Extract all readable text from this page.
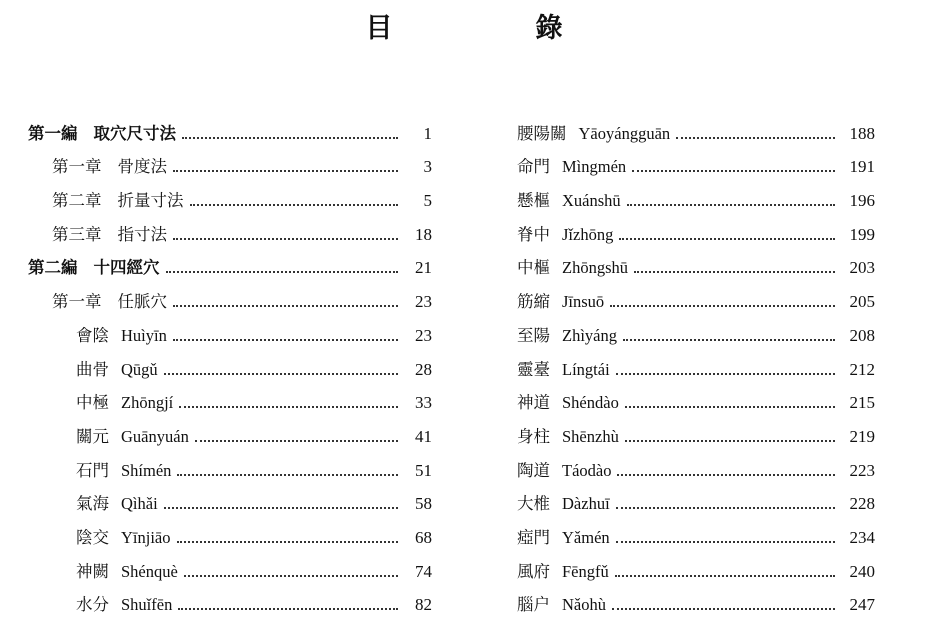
目　錄
第一編 取穴尺寸法	1
第一章 骨度法	3
第二章 折量寸法	5
第三章 指寸法	18
第二編 十四經穴	21
第一章 任脈穴	23
會陰 Huìyīn	23
曲骨 Qūgǔ	28
中極 Zhōngjí	33
關元 Guānyuán	41
石門 Shímén	51
氣海 Qìhǎi	58
陰交 Yīnjiāo	68
神闕 Shénquè	74
水分 Shuǐfēn	82
腰陽關 Yāoyángguān	188
命門 Mìngmén	191
懸樞 Xuánshū	196
脊中 Jǐzhōng	199
中樞 Zhōngshū	203
筋縮 Jīnsuō	205
至陽 Zhìyáng	208
靈臺 Língtái	212
神道 Shéndào	215
身柱 Shēnzhù	219
陶道 Táodào	223
大椎 Dàzhuī	228
瘂門 Yǎmén	234
風府 Fēngfǔ	240
腦户 Nǎohù	247
